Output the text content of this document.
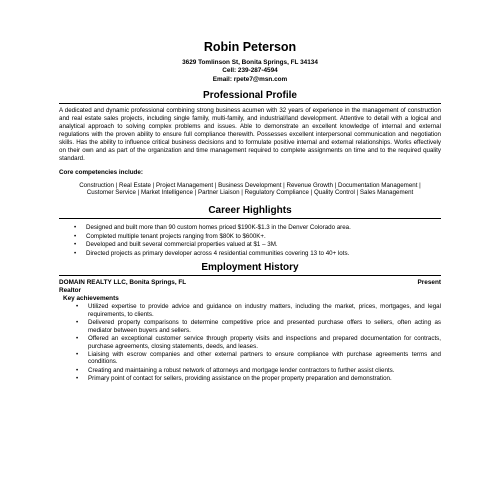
Robin Peterson
3629 Tomlinson St, Bonita Springs, FL 34134
Cell: 239-287-4594
Email: rpete7@msn.com
Professional Profile
A dedicated and dynamic professional combining strong business acumen with 32 years of experience in the management of construction and real estate sales projects, including single family, multi-family, and industrial/land development. Attentive to detail with a logical and analytical approach to solving complex problems and issues. Able to demonstrate an excellent knowledge of internal and external regulations with the proven ability to ensure full compliance therewith. Possesses excellent interpersonal communication and negotiation skills. Has the ability to influence critical business decisions and to formulate positive internal and external relationships. Works effectively on their own and as part of the organization and time management required to complete assignments on time and to the required quality standard.
Core competencies include:
Construction | Real Estate | Project Management | Business Development | Revenue Growth | Documentation Management | Customer Service | Market Intelligence | Partner Liaison | Regulatory Compliance | Quality Control | Sales Management
Career Highlights
• Designed and built more than 90 custom homes priced $190K-$1.3 in the Denver Colorado area.
• Completed multiple tenant projects ranging from $80K to $600K+.
• Developed and built several commercial properties valued at $1 – 3M.
• Directed projects as primary developer across 4 residential communities covering 13 to 40+ lots.
Employment History
DOMAIN REALTY LLC, Bonita Springs, FL	Present
Realtor
Key achievements
• Utilized expertise to provide advice and guidance on industry matters, including the market, prices, mortgages, and legal requirements, to clients.
• Delivered property comparisons to determine competitive price and presented purchase offers to sellers, often acting as mediator between buyers and sellers.
• Offered an exceptional customer service through property visits and inspections and prepared documentation for contracts, purchase agreements, closing statements, deeds, and leases.
• Liaising with escrow companies and other external partners to ensure compliance with purchase agreements terms and conditions.
• Creating and maintaining a robust network of attorneys and mortgage lender contractors to further assist clients.
• Primary point of contact for sellers, providing assistance on the proper property preparation and demonstration.
